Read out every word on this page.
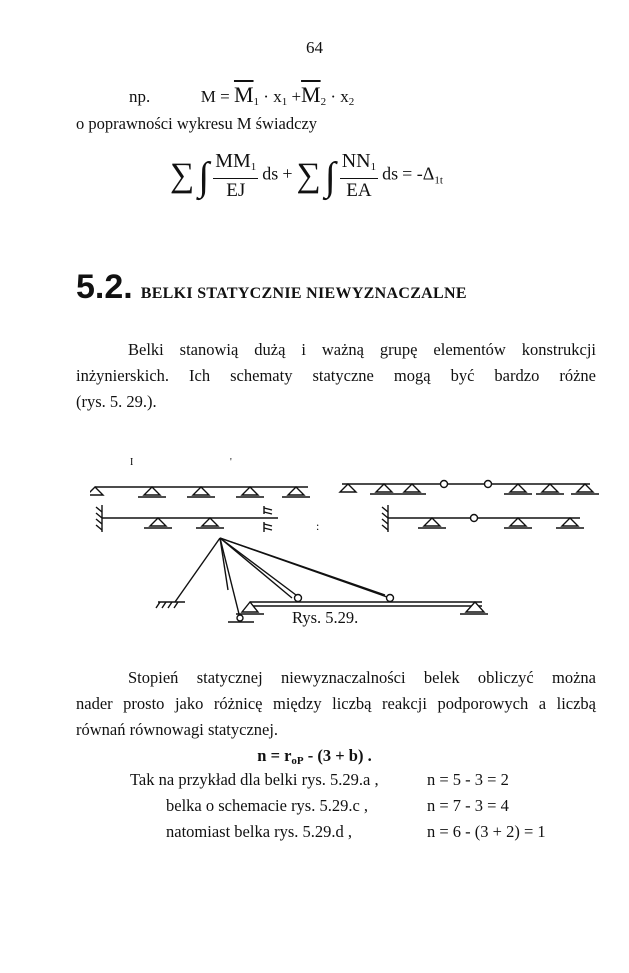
64
np.	$M = \overline{M}_1 \cdot x_1 +\overline{M}_2 \cdot x_2$
o poprawności wykresu M świadczy
∑ ∫ $\frac{MM_1}{EJ}$ ds + ∑ ∫ $\frac{NN_1}{EA}$ ds = $-\Delta_{1t}$
5.2. BELKI STATYCZNIE NIEWYZNACZALNE
Belki stanowią dużą i ważną grupę elementów konstrukcji
inżynierskich. Ich schematy statyczne mogą być bardzo różne
(rys. 5. 29.).
I	'
:
Rys. 5.29.
Stopień statycznej niewyznaczalności belek obliczyć można
nader prosto jako różnicę między liczbą reakcji podporowych a liczbą
równań równowagi statycznej.
$n = r_{oP} - (3 + b)$ .
Tak na przykład dla belki rys. 5.29.a ,	n = 5 - 3 = 2
belka o schemacie rys. 5.29.c ,	n = 7 - 3 = 4
natomiast belka rys. 5.29.d ,	n = 6 - (3 + 2) = 1
